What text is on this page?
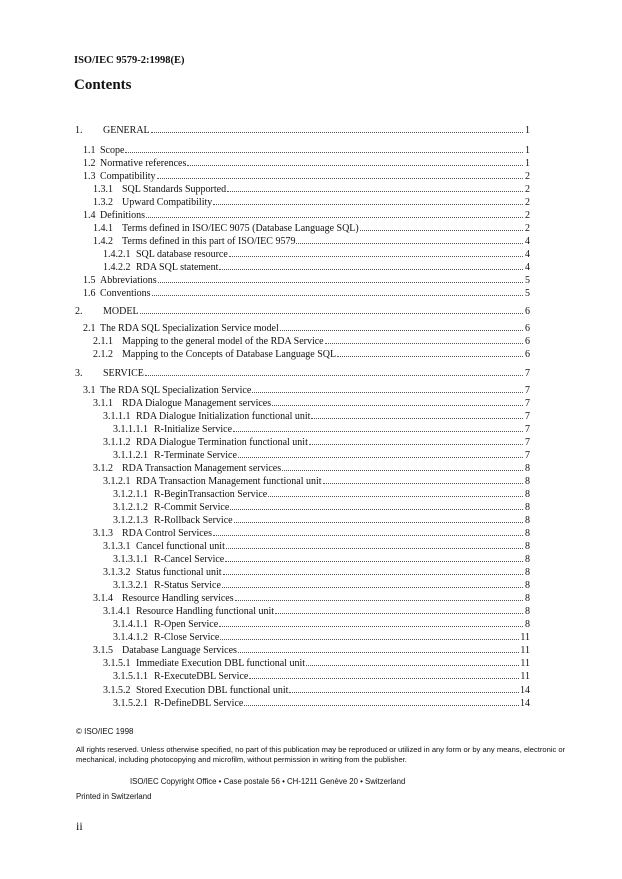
ISO/IEC 9579-2:1998(E)
Contents
1.	GENERAL	1
1.1 Scope	1
1.2 Normative references	1
1.3 Compatibility	2
1.3.1 SQL Standards Supported	2
1.3.2 Upward Compatibility	2
1.4 Definitions	2
1.4.1 Terms defined in ISO/IEC 9075 (Database Language SQL)	2
1.4.2 Terms defined in this part of ISO/IEC 9579	4
1.4.2.1 SQL database resource	4
1.4.2.2 RDA SQL statement	4
1.5 Abbreviations	5
1.6 Conventions	5
2.	MODEL	6
2.1 The RDA SQL Specialization Service model	6
2.1.1 Mapping to the general model of the RDA Service	6
2.1.2 Mapping to the Concepts of Database Language SQL	6
3.	SERVICE	7
3.1 The RDA SQL Specialization Service	7
3.1.1 RDA Dialogue Management services	7
3.1.1.1 RDA Dialogue Initialization functional unit	7
3.1.1.1.1 R-Initialize Service	7
3.1.1.2 RDA Dialogue Termination functional unit	7
3.1.1.2.1 R-Terminate Service	7
3.1.2 RDA Transaction Management services	8
3.1.2.1 RDA Transaction Management functional unit	8
3.1.2.1.1 R-BeginTransaction Service	8
3.1.2.1.2 R-Commit Service	8
3.1.2.1.3 R-Rollback Service	8
3.1.3 RDA Control Services	8
3.1.3.1 Cancel functional unit	8
3.1.3.1.1 R-Cancel Service	8
3.1.3.2 Status functional unit	8
3.1.3.2.1 R-Status Service	8
3.1.4 Resource Handling services	8
3.1.4.1 Resource Handling functional unit	8
3.1.4.1.1 R-Open Service	8
3.1.4.1.2 R-Close Service	11
3.1.5 Database Language Services	11
3.1.5.1 Immediate Execution DBL functional unit	11
3.1.5.1.1 R-ExecuteDBL Service	11
3.1.5.2 Stored Execution DBL functional unit	14
3.1.5.2.1 R-DefineDBL Service	14
© ISO/IEC 1998
All rights reserved. Unless otherwise specified, no part of this publication may be reproduced or utilized in any form or by any means, electronic or mechanical, including photocopying and microfilm, without permission in writing from the publisher.
ISO/IEC Copyright Office • Case postale 56 • CH-1211 Genève 20 • Switzerland
Printed in Switzerland
ii
